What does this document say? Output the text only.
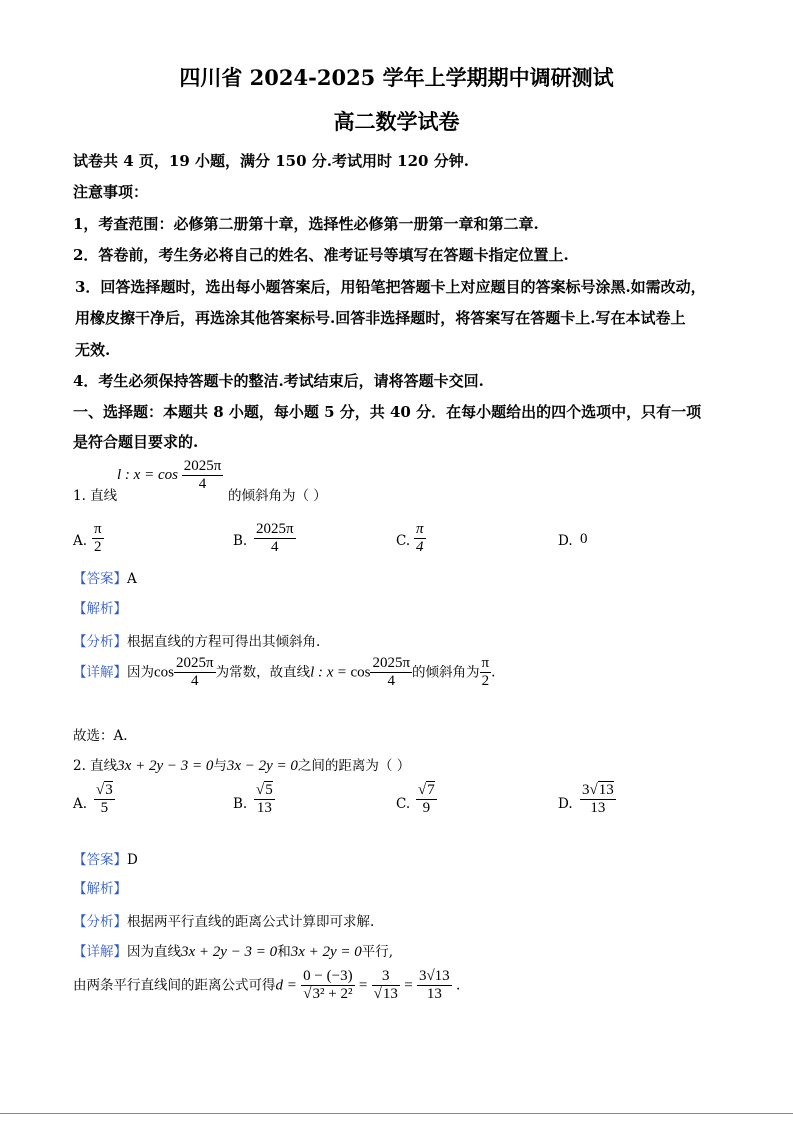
四川省 2024-2025 学年上学期期中调研测试
高二数学试卷
试卷共 4 页，19 小题，满分 150 分.考试用时 120 分钟.
注意事项：
1，考查范围：必修第二册第十章，选择性必修第一册第一章和第二章.
2．答卷前，考生务必将自己的姓名、准考证号等填写在答题卡指定位置上.
3．回答选择题时，选出每小题答案后，用铅笔把答题卡上对应题目的答案标号涂黑.如需改动，
用橡皮擦干净后，再选涂其他答案标号.回答非选择题时，将答案写在答题卡上.写在本试卷上
无效.
4．考生必须保持答题卡的整洁.考试结束后，请将答题卡交回.
一、选择题：本题共 8 小题，每小题 5 分，共 40 分．在每小题给出的四个选项中，只有一项
是符合题目要求的.
1. 直线
l : $x = \cos \frac{2025\pi}{4}$
的倾斜角为（ ）
A. $\frac{\pi}{2}$	B. $\frac{2025\pi}{4}$	C. $\frac{\pi}{4}$	D. 0
【答案】A
【解析】
【分析】根据直线的方程可得出其倾斜角.
【详解】因为$\cos \frac{2025\pi}{4}$ 为常数，故直线l : $x = \cos \frac{2025\pi}{4}$ 的倾斜角为 $\frac{\pi}{2}$ .
故选：A.
2. 直线3x + 2y − 3 = 0与3x − 2y = 0之间的距离为（ ）
A. $\frac{√3}{5}$	B. $\frac{√5}{13}$	C. $\frac{√7}{9}$	D. $\frac{3√13}{13}$
【答案】D
【解析】
【分析】根据两平行直线的距离公式计算即可求解.
【详解】因为直线3x + 2y − 3 = 0和3x + 2y = 0平行,
由两条平行直线间的距离公式可得$d = \frac{0 - (-3)}{\text{√3² + 2²}} = \frac{3}{√13} = \frac{3√13}{13}$ .
